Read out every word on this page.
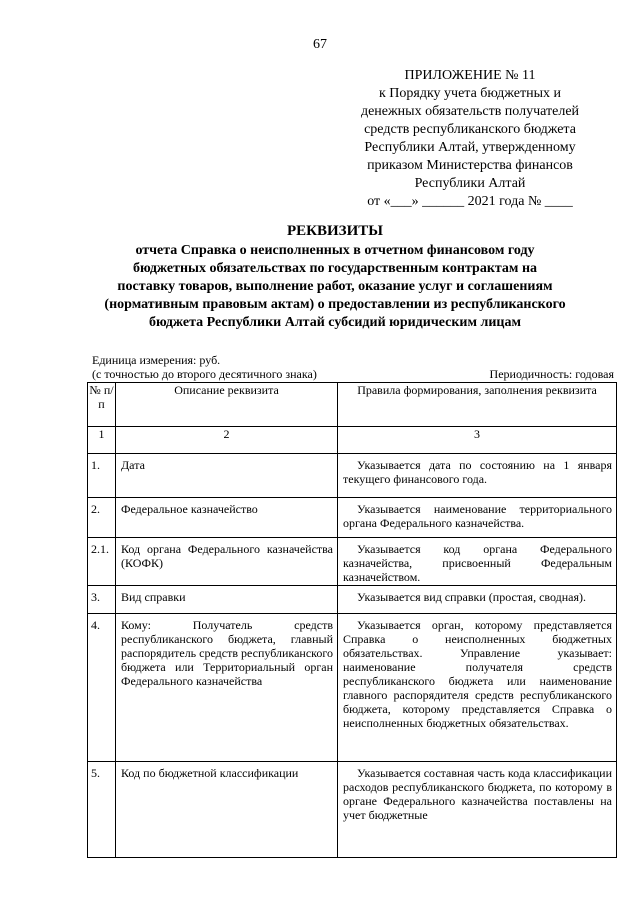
67
ПРИЛОЖЕНИЕ № 11
к Порядку учета бюджетных и
денежных обязательств получателей
средств республиканского бюджета
Республики Алтай, утвержденному
приказом Министерства финансов
Республики Алтай
от «___» ______ 2021 года № ____
РЕКВИЗИТЫ
отчета Справка о неисполненных в отчетном финансовом году
бюджетных обязательствах по государственным контрактам на
поставку товаров, выполнение работ, оказание услуг и соглашениям
(нормативным правовым актам) о предоставлении из республиканского
бюджета Республики Алтай субсидий юридическим лицам
Единица измерения: руб.
(с точностью до второго десятичного знака)	Периодичность: годовая
№ п/п	Описание реквизита	Правила формирования, заполнения реквизита
1	2	3
1.	Дата	Указывается дата по состоянию на 1 января текущего финансового года.
2.	Федеральное казначейство	Указывается наименование территориального органа Федерального казначейства.
2.1.	Код органа Федерального казначейства (КОФК)	Указывается код органа Федерального казначейства, присвоенный Федеральным казначейством.
3.	Вид справки	Указывается вид справки (простая, сводная).
4.	Кому: Получатель средств республиканского бюджета, главный распорядитель средств республиканского бюджета или Территориальный орган Федерального казначейства	Указывается орган, которому представляется Справка о неисполненных бюджетных обязательствах. Управление указывает: наименование получателя средств республиканского бюджета или наименование главного распорядителя средств республиканского бюджета, которому представляется Справка о неисполненных бюджетных обязательствах.
5.	Код по бюджетной классификации	Указывается составная часть кода классификации расходов республиканского бюджета, по которому в органе Федерального казначейства поставлены на учет бюджетные
